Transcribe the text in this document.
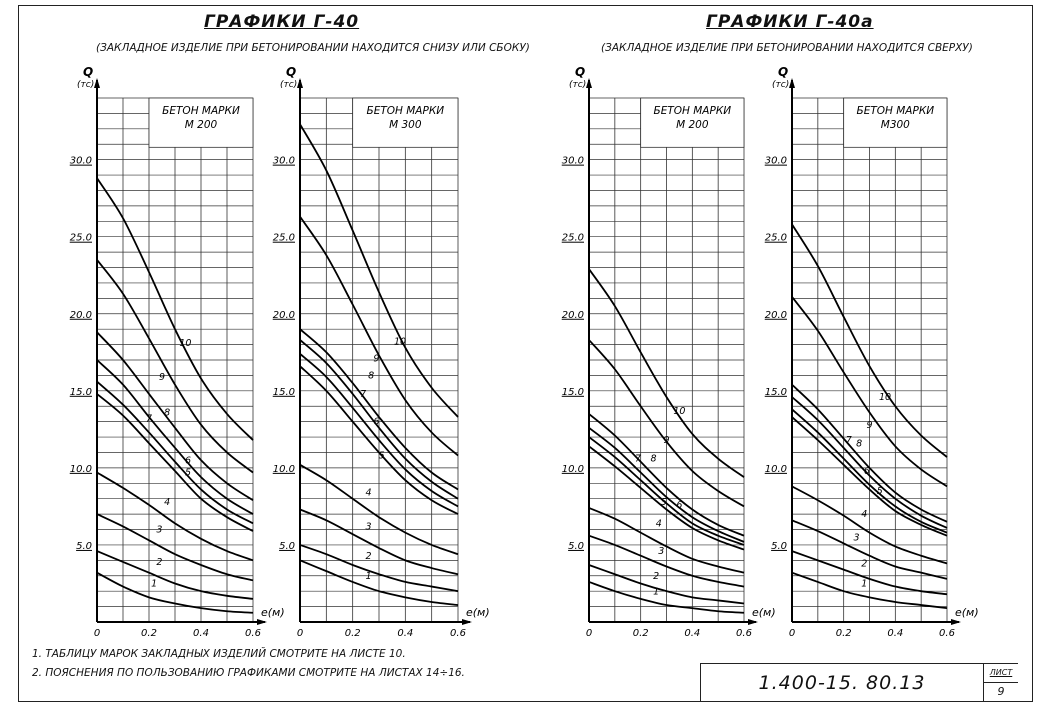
ГРАФИКИ Г-40
(ЗАКЛАДНОЕ ИЗДЕЛИЕ ПРИ БЕТОНИРОВАНИИ НАХОДИТСЯ СНИЗУ ИЛИ СБОКУ)
ГРАФИКИ Г-40а
(ЗАКЛАДНОЕ ИЗДЕЛИЕ ПРИ БЕТОНИРОВАНИИ НАХОДИТСЯ СВЕРХУ)
Q
(тс)
е(м)
5.0
10.0
15.0
20.0
25.0
30.0
0	0.2	0.4	0.6
БЕТОН МАРКИ
М 200
1
2
3
4
5
6
7
8
9
10
Q
(тс)
е(м)
5.0
10.0
15.0
20.0
25.0
30.0
0	0.2	0.4	0.6
БЕТОН МАРКИ
М 300
1
2
3
4
5
6
7
8
9
10
Q
(тс)
е(м)
5.0
10.0
15.0
20.0
25.0
30.0
0	0.2	0.4	0.6
БЕТОН МАРКИ
М 200
1
2
3
4
5 6
7 8
9
10
Q
(тс)
е(м)
5.0
10.0
15.0
20.0
25.0
30.0
0	0.2	0.4	0.6
БЕТОН МАРКИ
М300
1
2
3
4
5
6
7 8
9
10
1. ТАБЛИЦУ МАРОК ЗАКЛАДНЫХ ИЗДЕЛИЙ СМОТРИТЕ НА ЛИСТЕ 10.
2. ПОЯСНЕНИЯ ПО ПОЛЬЗОВАНИЮ ГРАФИКАМИ СМОТРИТЕ НА ЛИСТАХ 14÷16.	1.400-15. 80.13	ЛИСТ
9
